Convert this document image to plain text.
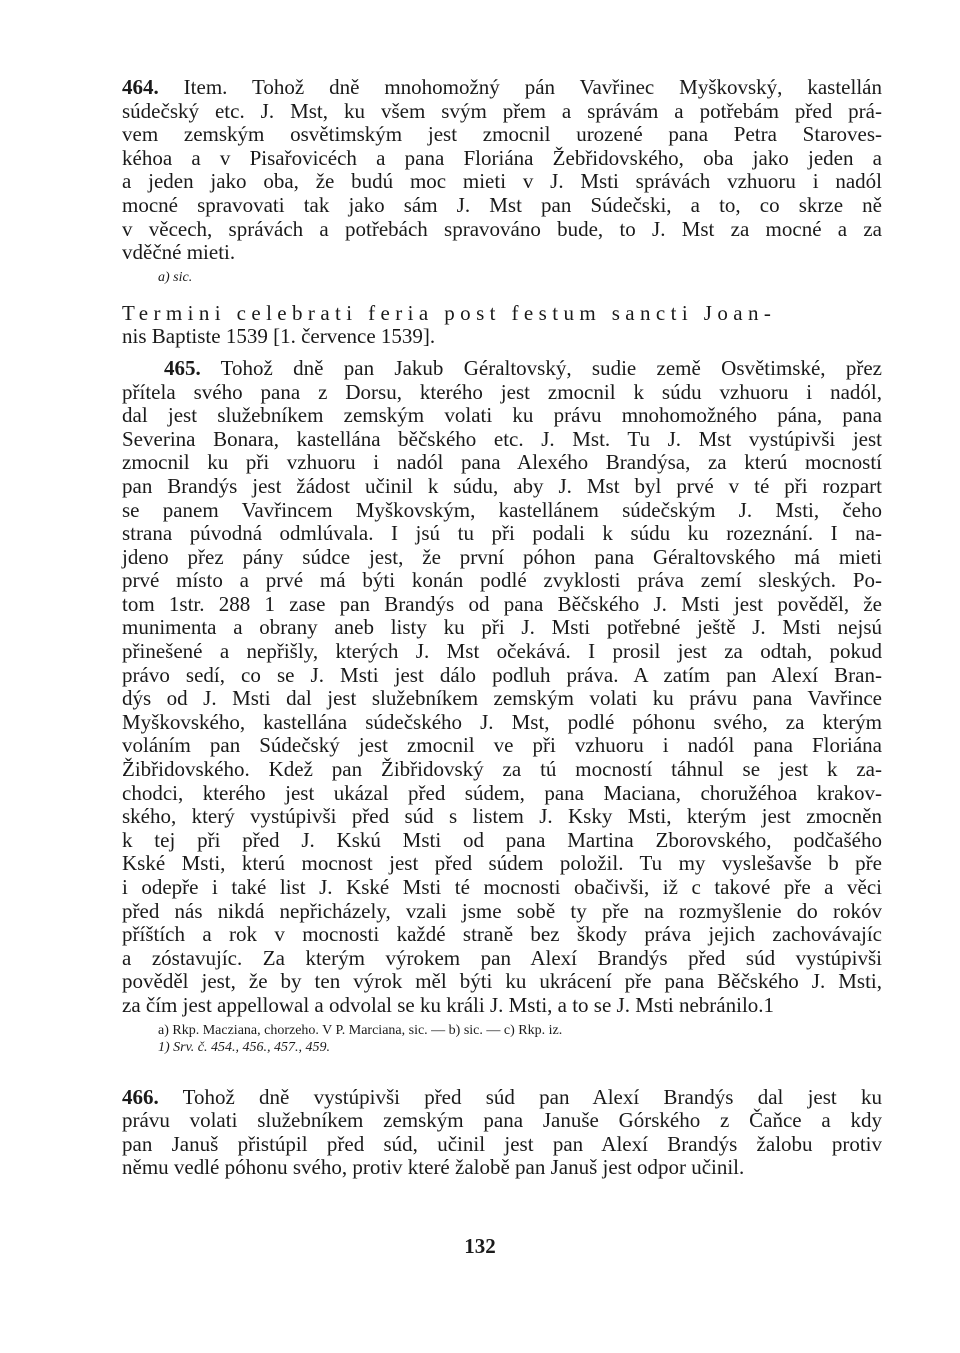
464. Item. Tohož dně mnohomožný pán Vavřinec Myškovský, kastellán
súdečský etc. J. Mst, ku všem svým přem a správám a potřebám před prá-
vem zemským osvětimským jest zmocnil urozené pana Petra Staroves-
kéhoa a v Pisařovicéch a pana Floriána Žebřidovského, oba jako jeden a
a jeden jako oba, že budú moc mieti v J. Msti správách vzhuoru i nadól
mocné spravovati tak jako sám J. Mst pan Súdečski, a to, co skrze ně
v věcech, správách a potřebách spravováno bude, to J. Mst za mocné a za
vděčné mieti.
a) sic.
Termini celebrati feria post festum sancti Joan-
nis Baptiste 1539 [1. července 1539].
465. Tohož dně pan Jakub Géraltovský, sudie země Osvětimské, přez
přítela svého pana z Dorsu, kterého jest zmocnil k súdu vzhuoru i nadól,
dal jest služebníkem zemským volati ku právu mnohomožného pána, pana
Severina Bonara, kastellána běčského etc. J. Mst. Tu J. Mst vystúpivši jest
zmocnil ku při vzhuoru i nadól pana Alexého Brandýsa, za kterú mocností
pan Brandýs jest žádost učinil k súdu, aby J. Mst byl prvé v té při rozpart
se panem Vavřincem Myškovským, kastellánem súdečským J. Msti, čeho
strana púvodná odmlúvala. I jsú tu při podali k súdu ku rozeznání. I na-
jdeno přez pány súdce jest, že první póhon pana Géraltovského má mieti
prvé místo a prvé má býti konán podlé zvyklosti práva zemí sleských. Po-
tom 1str. 288 1 zase pan Brandýs od pana Běčského J. Msti jest pověděl, že
munimenta a obrany aneb listy ku při J. Msti potřebné ještě J. Msti nejsú
přinešené a nepřišly, kterých J. Mst očekává. I prosil jest za odtah, pokud
právo sedí, co se J. Msti jest dálo podluh práva. A zatím pan Alexí Bran-
dýs od J. Msti dal jest služebníkem zemským volati ku právu pana Vavřince
Myškovského, kastellána súdečského J. Mst, podlé póhonu svého, za kterým
voláním pan Súdečský jest zmocnil ve při vzhuoru i nadól pana Floriána
Žibřidovského. Kdež pan Žibřidovský za tú mocností táhnul se jest k za-
chodci, kterého jest ukázal před súdem, pana Maciana, choružéhoa krakov-
ského, který vystúpivši před súd s listem J. Ksky Msti, kterým jest zmocněn
k tej při před J. Kskú Msti od pana Martina Zborovského, podčašého
Kské Msti, kterú mocnost jest před súdem položil. Tu my vyslešavše b pře
i odepře i také list J. Kské Msti té mocnosti obačivši, iž c takové pře a věci
před nás nikdá nepřicházely, vzali jsme sobě ty pře na rozmyšlenie do rokóv
příštích a rok v mocnosti každé straně bez škody práva jejich zachovávajíc
a zóstavujíc. Za kterým výrokem pan Alexí Brandýs před súd vystúpivši
pověděl jest, že by ten výrok měl býti ku ukrácení pře pana Běčského J. Msti,
za čím jest appellowal a odvolal se ku králi J. Msti, a to se J. Msti nebránilo.1
a) Rkp. Macziana, chorzeho. V P. Marciana, sic. — b) sic. — c) Rkp. iz.
1) Srv. č. 454., 456., 457., 459.
466. Tohož dně vystúpivši před súd pan Alexí Brandýs dal jest ku
právu volati služebníkem zemským pana Januše Górského z Čaňce a kdy
pan Januš přistúpil před súd, učinil jest pan Alexí Brandýs žalobu protiv
němu vedlé póhonu svého, protiv které žalobě pan Januš jest odpor učinil.
132
